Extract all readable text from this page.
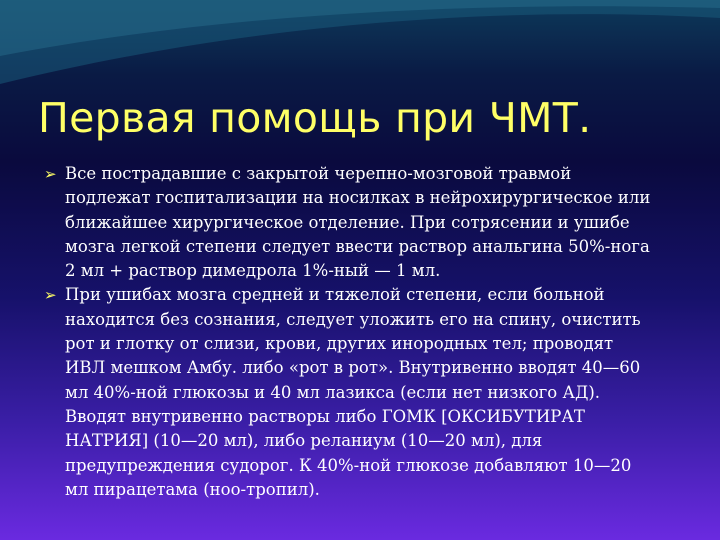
Первая помощь при ЧМТ.
➢ Все пострадавшие с закрытой черепно-мозговой травмой
подлежат госпитализации на носилках в нейрохирургическое или
ближайшее хирургическое отделение. При сотрясении и ушибе
мозга легкой степени следует ввести раствор анальгина 50%-нога
2 мл + раствор димедрола 1%-ный — 1 мл.
➢ При ушибах мозга средней и тяжелой степени, если больной
находится без сознания, следует уложить его на спину, очистить
рот и глотку от слизи, крови, других инородных тел; проводят
ИВЛ мешком Амбу. либо «рот в рот». Внутривенно вводят 40—60
мл 40%-ной глюкозы и 40 мл лазикса (если нет низкого АД).
Вводят внутривенно растворы либо ГОМК [ОКСИБУТИРАТ
НАТРИЯ] (10—20 мл), либо реланиум (10—20 мл), для
предупреждения судорог. К 40%-ной глюкозе добавляют 10—20
мл пирацетама (ноо-тропил).
